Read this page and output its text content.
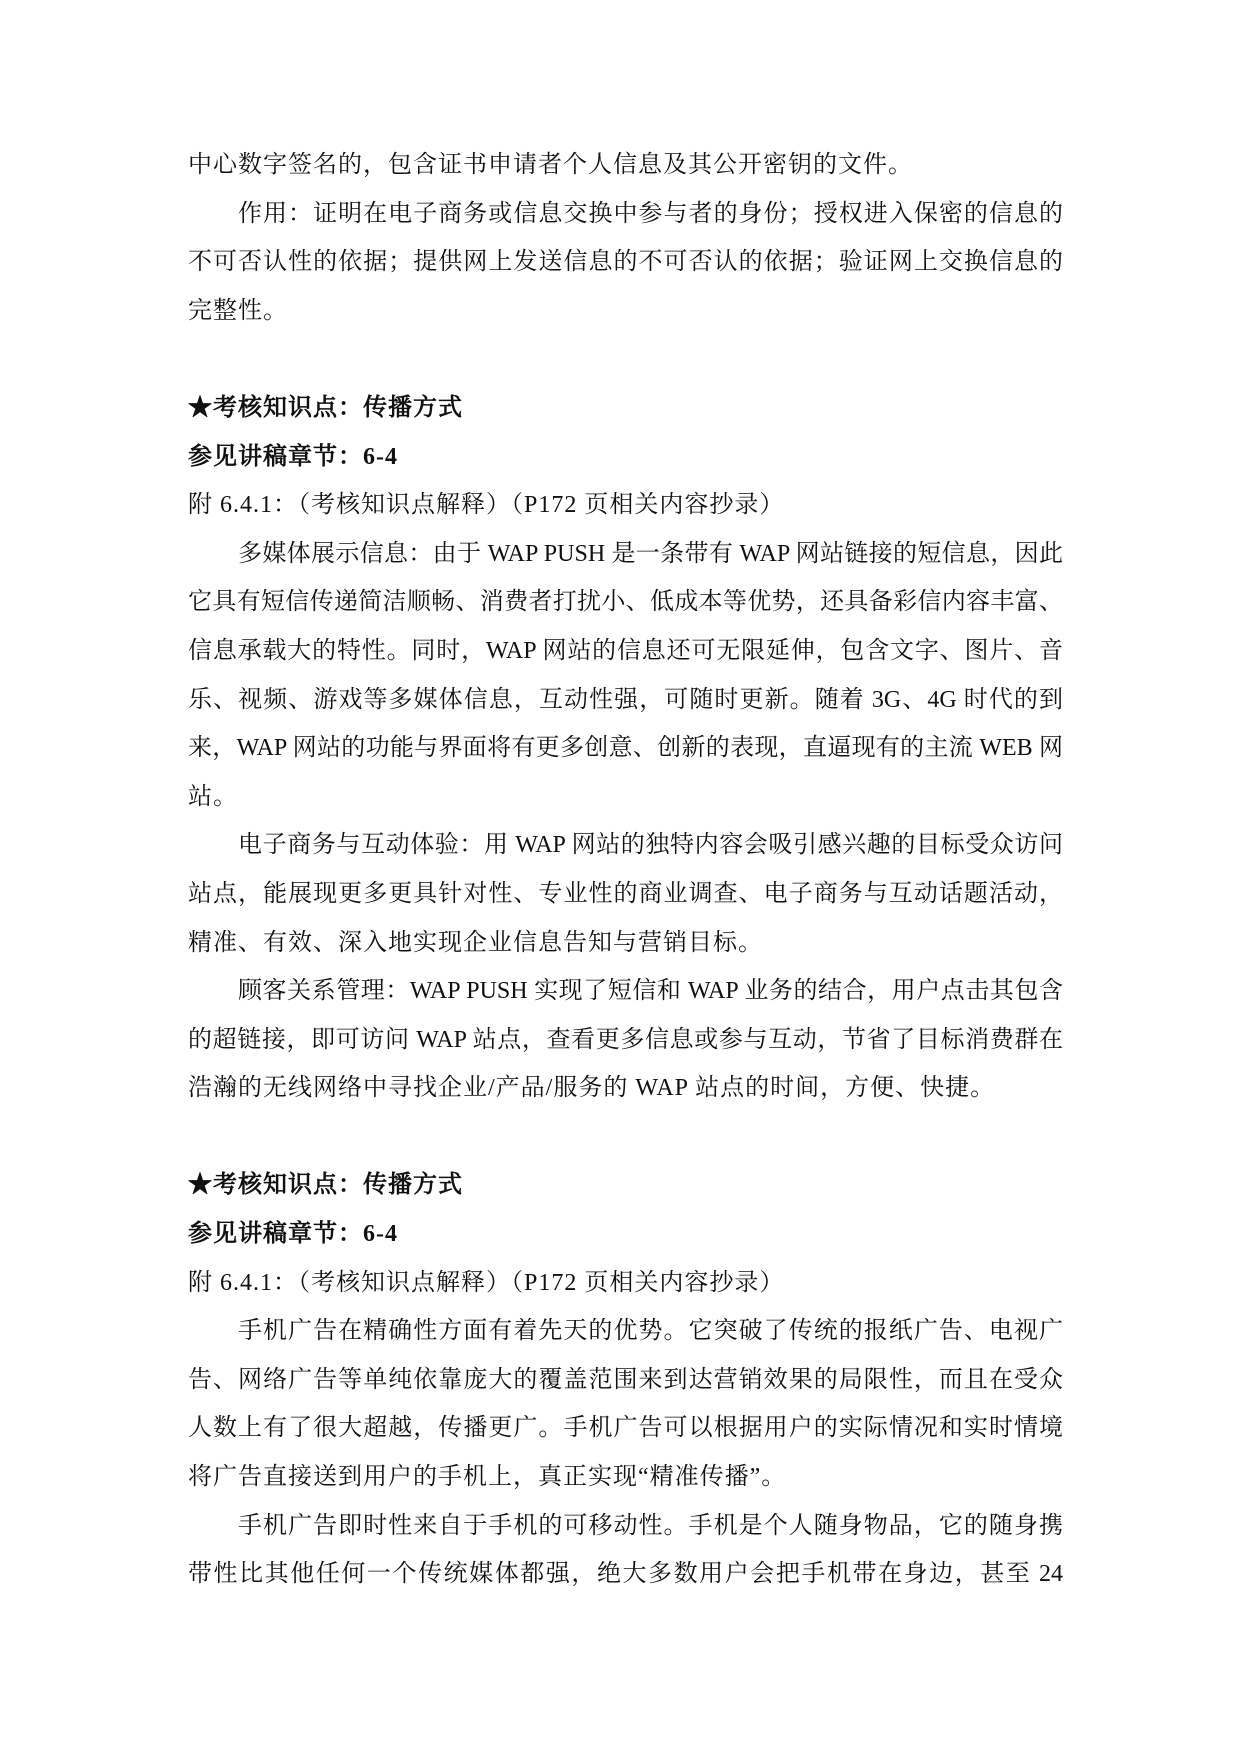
中心数字签名的，包含证书申请者个人信息及其公开密钥的文件。
作用：证明在电子商务或信息交换中参与者的身份；授权进入保密的信息的
不可否认性的依据；提供网上发送信息的不可否认的依据；验证网上交换信息的
完整性。
★考核知识点：传播方式
参见讲稿章节：6-4
附 6.4.1：（考核知识点解释）（P172 页相关内容抄录）
多媒体展示信息：由于 WAP PUSH 是一条带有 WAP 网站链接的短信息，因此
它具有短信传递简洁顺畅、消费者打扰小、低成本等优势，还具备彩信内容丰富、
信息承载大的特性。同时，WAP 网站的信息还可无限延伸，包含文字、图片、音
乐、视频、游戏等多媒体信息，互动性强，可随时更新。随着 3G、4G 时代的到
来，WAP 网站的功能与界面将有更多创意、创新的表现，直逼现有的主流 WEB 网
站。
电子商务与互动体验：用 WAP 网站的独特内容会吸引感兴趣的目标受众访问
站点，能展现更多更具针对性、专业性的商业调查、电子商务与互动话题活动，
精准、有效、深入地实现企业信息告知与营销目标。
顾客关系管理：WAP PUSH 实现了短信和 WAP 业务的结合，用户点击其包含
的超链接，即可访问 WAP 站点，查看更多信息或参与互动，节省了目标消费群在
浩瀚的无线网络中寻找企业/产品/服务的 WAP 站点的时间，方便、快捷。
★考核知识点：传播方式
参见讲稿章节：6-4
附 6.4.1：（考核知识点解释）（P172 页相关内容抄录）
手机广告在精确性方面有着先天的优势。它突破了传统的报纸广告、电视广
告、网络广告等单纯依靠庞大的覆盖范围来到达营销效果的局限性，而且在受众
人数上有了很大超越，传播更广。手机广告可以根据用户的实际情况和实时情境
将广告直接送到用户的手机上，真正实现“精准传播”。
手机广告即时性来自于手机的可移动性。手机是个人随身物品，它的随身携
带性比其他任何一个传统媒体都强，绝大多数用户会把手机带在身边，甚至 24
